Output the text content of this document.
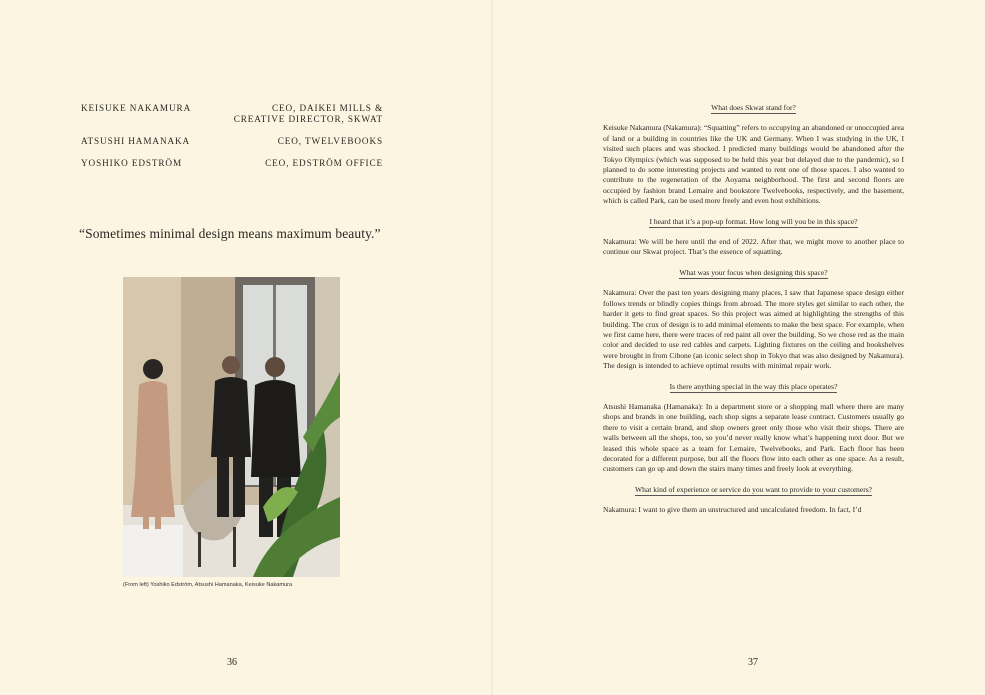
KEISUKE NAKAMURA	CEO, DAIKEI MILLS &
CREATIVE DIRECTOR, SKWAT
ATSUSHI HAMANAKA	CEO, TWELVEBOOKS
YOSHIKO EDSTRÖM	CEO, EDSTRÖM OFFICE
“Sometimes minimal design means maximum beauty.”
(From left) Yoshiko Edström, Atsushi Hamanaka, Keisuke Nakamura
36

What does Skwat stand for?

Keisuke Nakamura (Nakamura): “Squatting” refers to occupying an abandoned or unoccupied area of land or a building in countries like the UK and Germany. When I was studying in the UK, I visited such places and was shocked. I predicted many buildings would be abandoned after the Tokyo Olympics (which was supposed to be held this year but delayed due to the pandemic), so I planned to do some interesting projects and wanted to rent one of those spaces. I also wanted to contribute to the regeneration of the Aoyama neighborhood. The first and second floors are occupied by fashion brand Lemaire and bookstore Twelvebooks, respectively, and the basement, which is called Park, can be used more freely and even host exhibitions.

I heard that it’s a pop-up format. How long will you be in this space?

Nakamura: We will be here until the end of 2022. After that, we might move to another place to continue our Skwat project. That’s the essence of squatting.

What was your focus when designing this space?

Nakamura: Over the past ten years designing many places, I saw that Japanese space design either follows trends or blindly copies things from abroad. The more styles get similar to each other, the harder it gets to find great spaces. So this project was aimed at highlighting the strengths of this building. The crux of design is to add minimal elements to make the best space. For example, when we first came here, there were traces of red paint all over the building. So we chose red as the main color and decided to use red cables and carpets. Lighting fixtures on the ceiling and bookshelves were brought in from Cibone (an iconic select shop in Tokyo that was also designed by Nakamura). The design is intended to achieve optimal results with minimal repair work.

Is there anything special in the way this place operates?

Atsushi Hamanaka (Hamanaka): In a department store or a shopping mall where there are many shops and brands in one building, each shop signs a separate lease contract. Customers usually go there to visit a certain brand, and shop owners greet only those who visit their shops. There are walls between all the shops, too, so you’d never really know what’s happening next door. But we leased this whole space as a team for Lemaire, Twelvebooks, and Park. Each floor has been decorated for a different purpose, but all the floors flow into each other as one space. As a result, customers can go up and down the stairs many times and freely look at everything.

What kind of experience or service do you want to provide to your customers?

Nakamura: I want to give them an unstructured and uncalculated freedom. In fact, I’d

37
